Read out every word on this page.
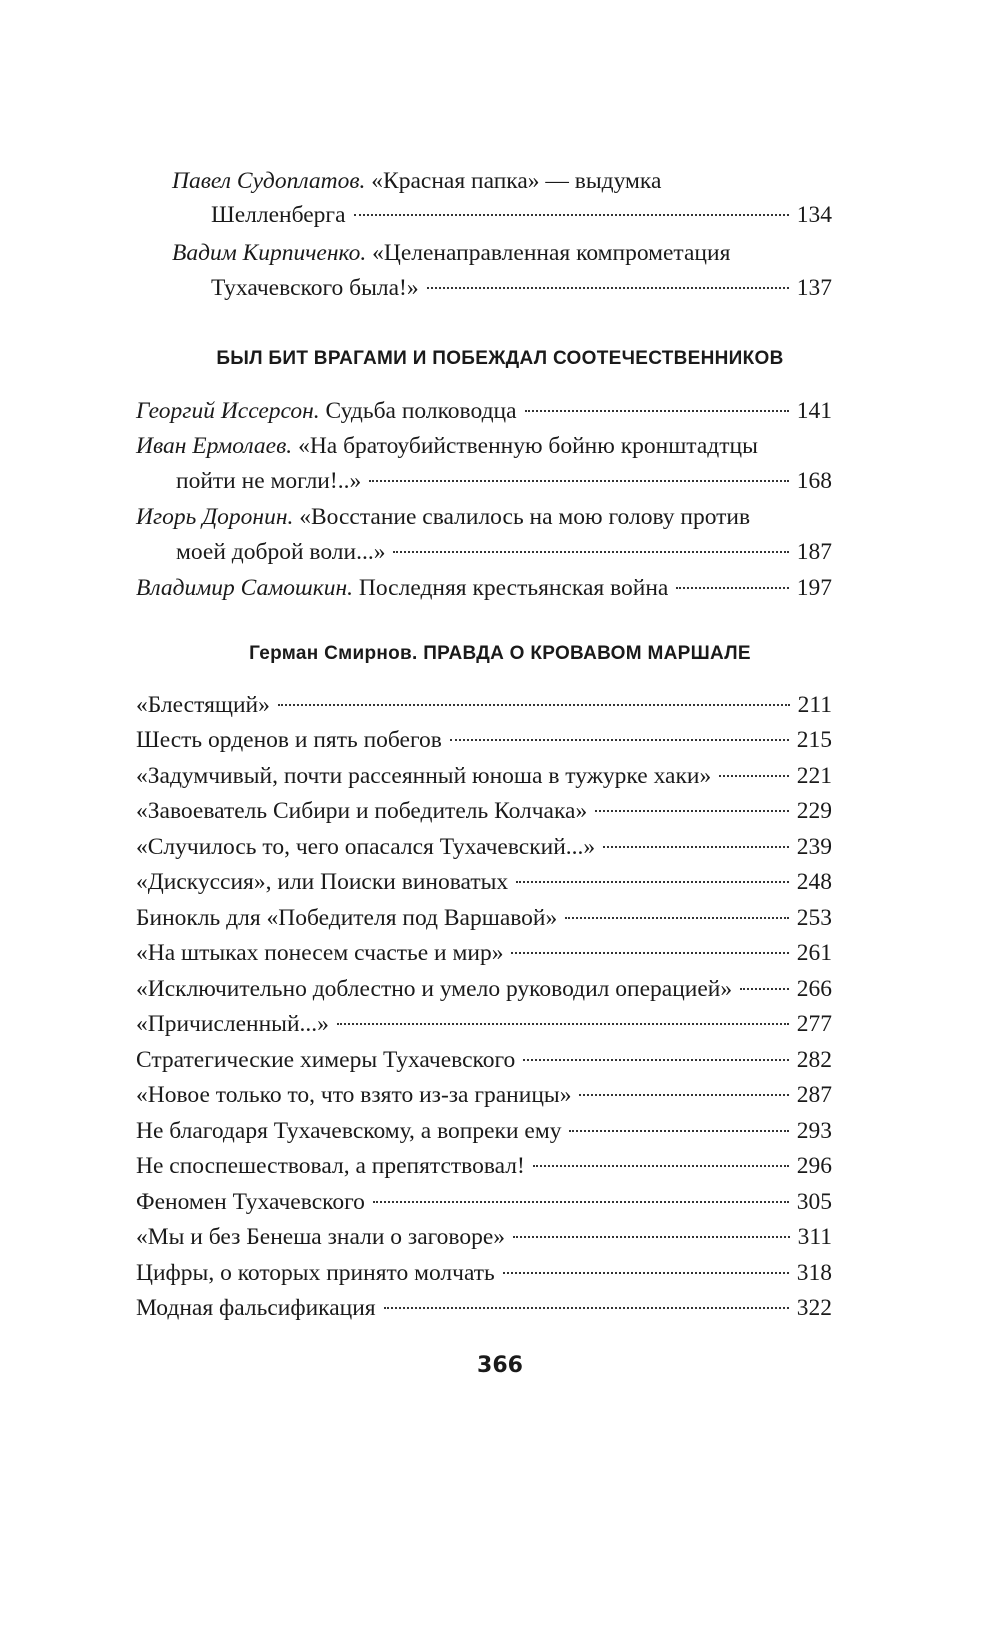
Павел Судоплатов. «Красная папка» — выдумка
Шелленберга	134
Вадим Кирпиченко. «Целенаправленная компрометация
Тухачевского была!»	137
БЫЛ БИТ ВРАГАМИ И ПОБЕЖДАЛ СООТЕЧЕСТВЕННИКОВ
Георгий Иссерсон. Судьба полководца	141
Иван Ермолаев. «На братоубийственную бойню кронштадтцы
пойти не могли!..»	168
Игорь Доронин. «Восстание свалилось на мою голову против
моей доброй воли...»	187
Владимир Самошкин. Последняя крестьянская война	197
Герман Смирнов. ПРАВДА О КРОВАВОМ МАРШАЛЕ
«Блестящий»	211
Шесть орденов и пять побегов	215
«Задумчивый, почти рассеянный юноша в тужурке хаки»	221
«Завоеватель Сибири и победитель Колчака»	229
«Случилось то, чего опасался Тухачевский...»	239
«Дискуссия», или Поиски виноватых	248
Бинокль для «Победителя под Варшавой»	253
«На штыках понесем счастье и мир»	261
«Исключительно доблестно и умело руководил операцией»	266
«Причисленный...»	277
Стратегические химеры Тухачевского	282
«Новое только то, что взято из-за границы»	287
Не благодаря Тухачевскому, а вопреки ему	293
Не споспешествовал, а препятствовал!	296
Феномен Тухачевского	305
«Мы и без Бенеша знали о заговоре»	311
Цифры, о которых принято молчать	318
Модная фальсификация	322
366
